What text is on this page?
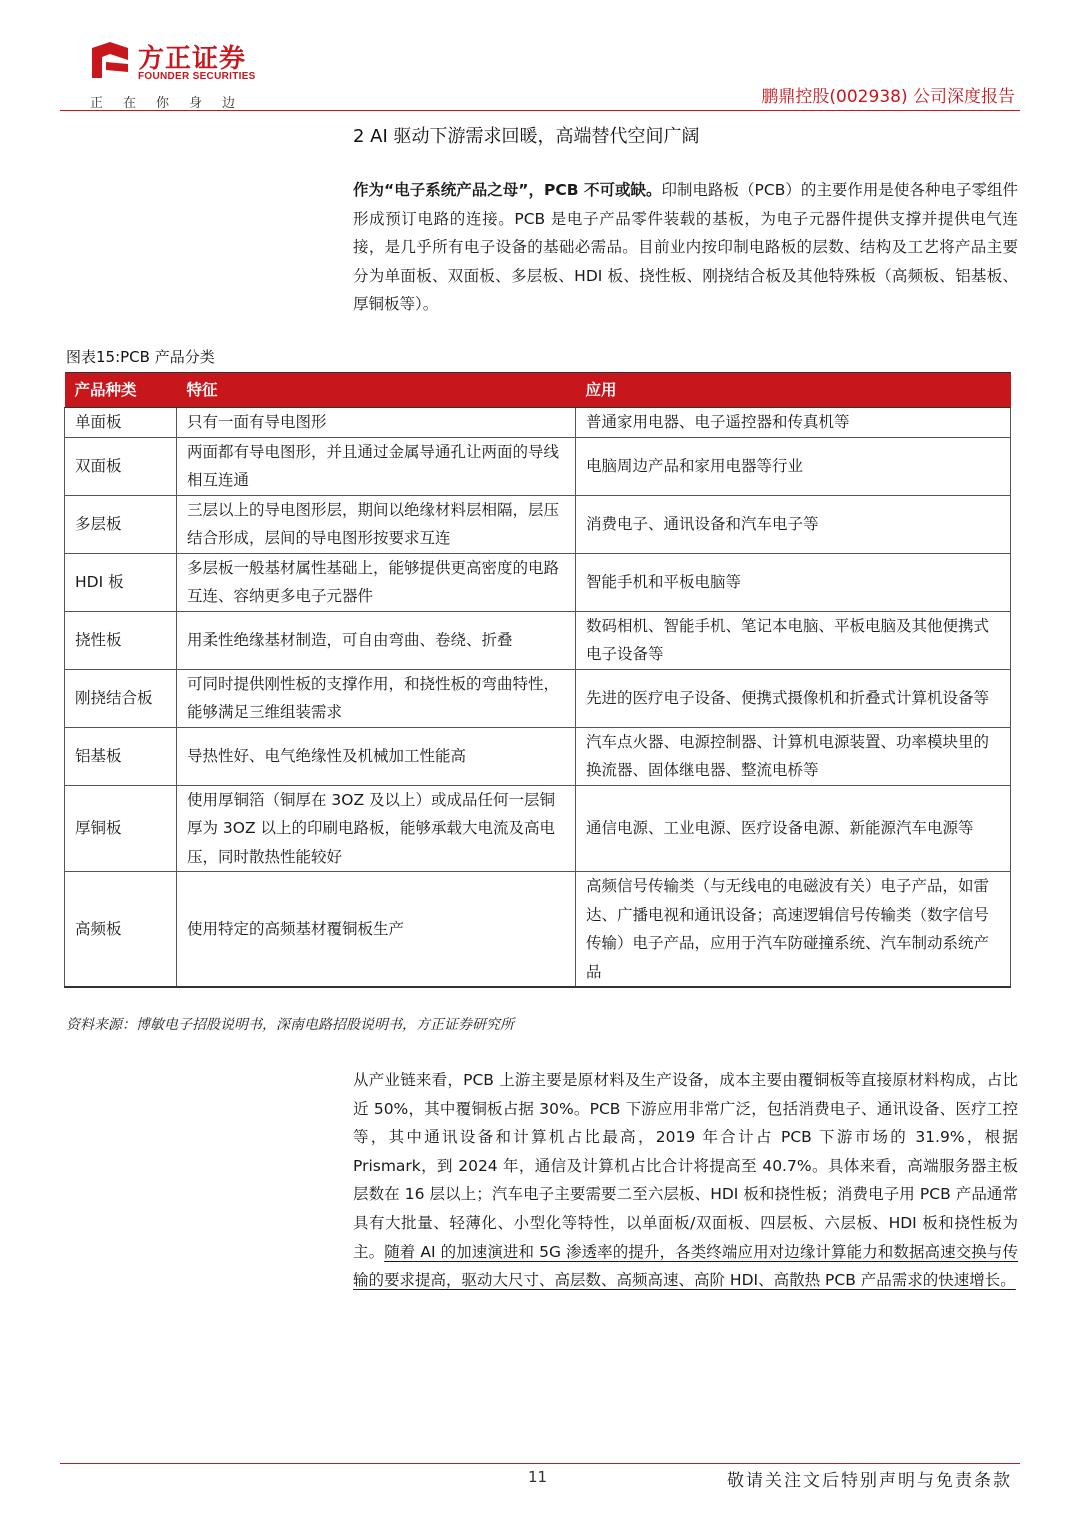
方正证券
FOUNDER SECURITIES
正在你身边	鹏鼎控股(002938) 公司深度报告
2 AI 驱动下游需求回暖，高端替代空间广阔
作为“电子系统产品之母”，PCB 不可或缺。印制电路板（PCB）的主要作用是使各种电子零组件形成预订电路的连接。PCB 是电子产品零件装载的基板，为电子元器件提供支撑并提供电气连接，是几乎所有电子设备的基础必需品。目前业内按印制电路板的层数、结构及工艺将产品主要分为单面板、双面板、多层板、HDI 板、挠性板、刚挠结合板及其他特殊板（高频板、铝基板、厚铜板等）。
图表15:PCB 产品分类
产品种类	特征	应用
单面板	只有一面有导电图形	普通家用电器、电子遥控器和传真机等
双面板	两面都有导电图形，并且通过金属导通孔让两面的导线相互连通	电脑周边产品和家用电器等行业
多层板	三层以上的导电图形层，期间以绝缘材料层相隔，层压结合形成，层间的导电图形按要求互连	消费电子、通讯设备和汽车电子等
HDI 板	多层板一般基材属性基础上，能够提供更高密度的电路互连、容纳更多电子元器件	智能手机和平板电脑等
挠性板	用柔性绝缘基材制造，可自由弯曲、卷绕、折叠	数码相机、智能手机、笔记本电脑、平板电脑及其他便携式电子设备等
刚挠结合板	可同时提供刚性板的支撑作用，和挠性板的弯曲特性，能够满足三维组装需求	先进的医疗电子设备、便携式摄像机和折叠式计算机设备等
铝基板	导热性好、电气绝缘性及机械加工性能高	汽车点火器、电源控制器、计算机电源装置、功率模块里的换流器、固体继电器、整流电桥等
厚铜板	使用厚铜箔（铜厚在 3OZ 及以上）或成品任何一层铜厚为 3OZ 以上的印刷电路板，能够承载大电流及高电压，同时散热性能较好	通信电源、工业电源、医疗设备电源、新能源汽车电源等
高频板	使用特定的高频基材覆铜板生产	高频信号传输类（与无线电的电磁波有关）电子产品，如雷达、广播电视和通讯设备；高速逻辑信号传输类（数字信号传输）电子产品，应用于汽车防碰撞系统、汽车制动系统产品
资料来源：博敏电子招股说明书，深南电路招股说明书，方正证券研究所
从产业链来看，PCB 上游主要是原材料及生产设备，成本主要由覆铜板等直接原材料构成，占比近 50%，其中覆铜板占据 30%。PCB 下游应用非常广泛，包括消费电子、通讯设备、医疗工控等，其中通讯设备和计算机占比最高，2019 年合计占 PCB 下游市场的 31.9%，根据 Prismark，到 2024 年，通信及计算机占比合计将提高至 40.7%。具体来看，高端服务器主板层数在 16 层以上；汽车电子主要需要二至六层板、HDI 板和挠性板；消费电子用 PCB 产品通常具有大批量、轻薄化、小型化等特性，以单面板/双面板、四层板、六层板、HDI 板和挠性板为主。随着 AI 的加速演进和 5G 渗透率的提升，各类终端应用对边缘计算能力和数据高速交换与传输的要求提高，驱动大尺寸、高层数、高频高速、高阶 HDI、高散热 PCB 产品需求的快速增长。
11	敬请关注文后特别声明与免责条款
